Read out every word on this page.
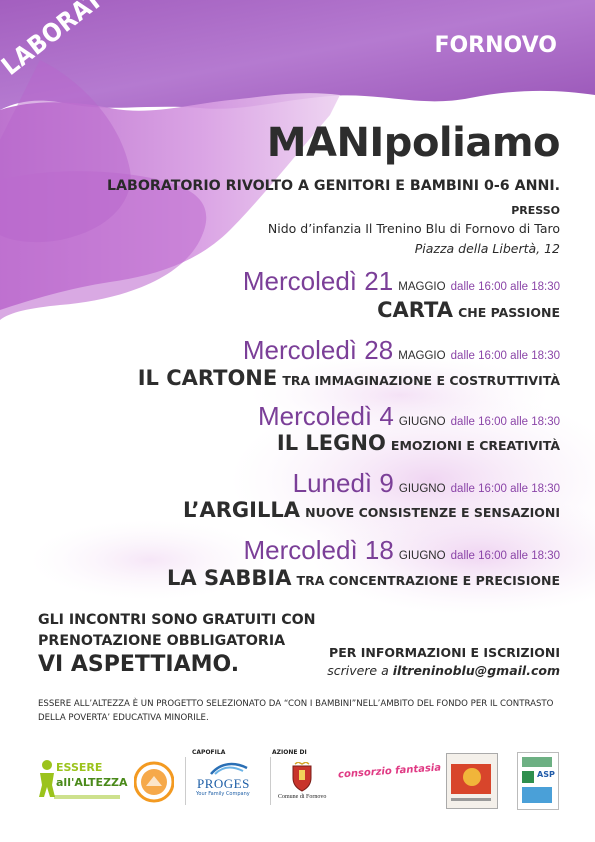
FORNOVO
MANIpoliamo
LABORATORIO RIVOLTO A GENITORI E BAMBINI 0-6 ANNI.
PRESSO
Nido d’infanzia Il Trenino Blu di Fornovo di Taro
Piazza della Libertà, 12
Mercoledì 21 MAGGIO dalle 16:00 alle 18:30
CARTA CHE PASSIONE
Mercoledì 28 MAGGIO dalle 16:00 alle 18:30
IL CARTONE TRA IMMAGINAZIONE E COSTRUTTIVITÀ
Mercoledì 4 GIUGNO dalle 16:00 alle 18:30
IL LEGNO EMOZIONI E CREATIVITÀ
Lunedì 9 GIUGNO dalle 16:00 alle 18:30
L’ARGILLA NUOVE CONSISTENZE E SENSAZIONI
Mercoledì 18 GIUGNO dalle 16:00 alle 18:30
LA SABBIA TRA CONCENTRAZIONE E PRECISIONE
GLI INCONTRI SONO GRATUITI CON
PRENOTAZIONE OBBLIGATORIA
VI ASPETTIAMO.	PER INFORMAZIONI E ISCRIZIONI
scrivere a iltreninoblu@gmail.com
ESSERE ALL’ALTEZZA È UN PROGETTO SELEZIONATO DA “CON I BAMBINI”NELL’AMBITO DEL FONDO PER IL CONTRASTO
DELLA POVERTA’ EDUCATIVA MINORILE.
ESSERE
all'ALTEZZA
CAPOFILA
PROGES
Your Family Company
AZIONE DI
Comune di Fornovo
consorzio fantasia	ASP
